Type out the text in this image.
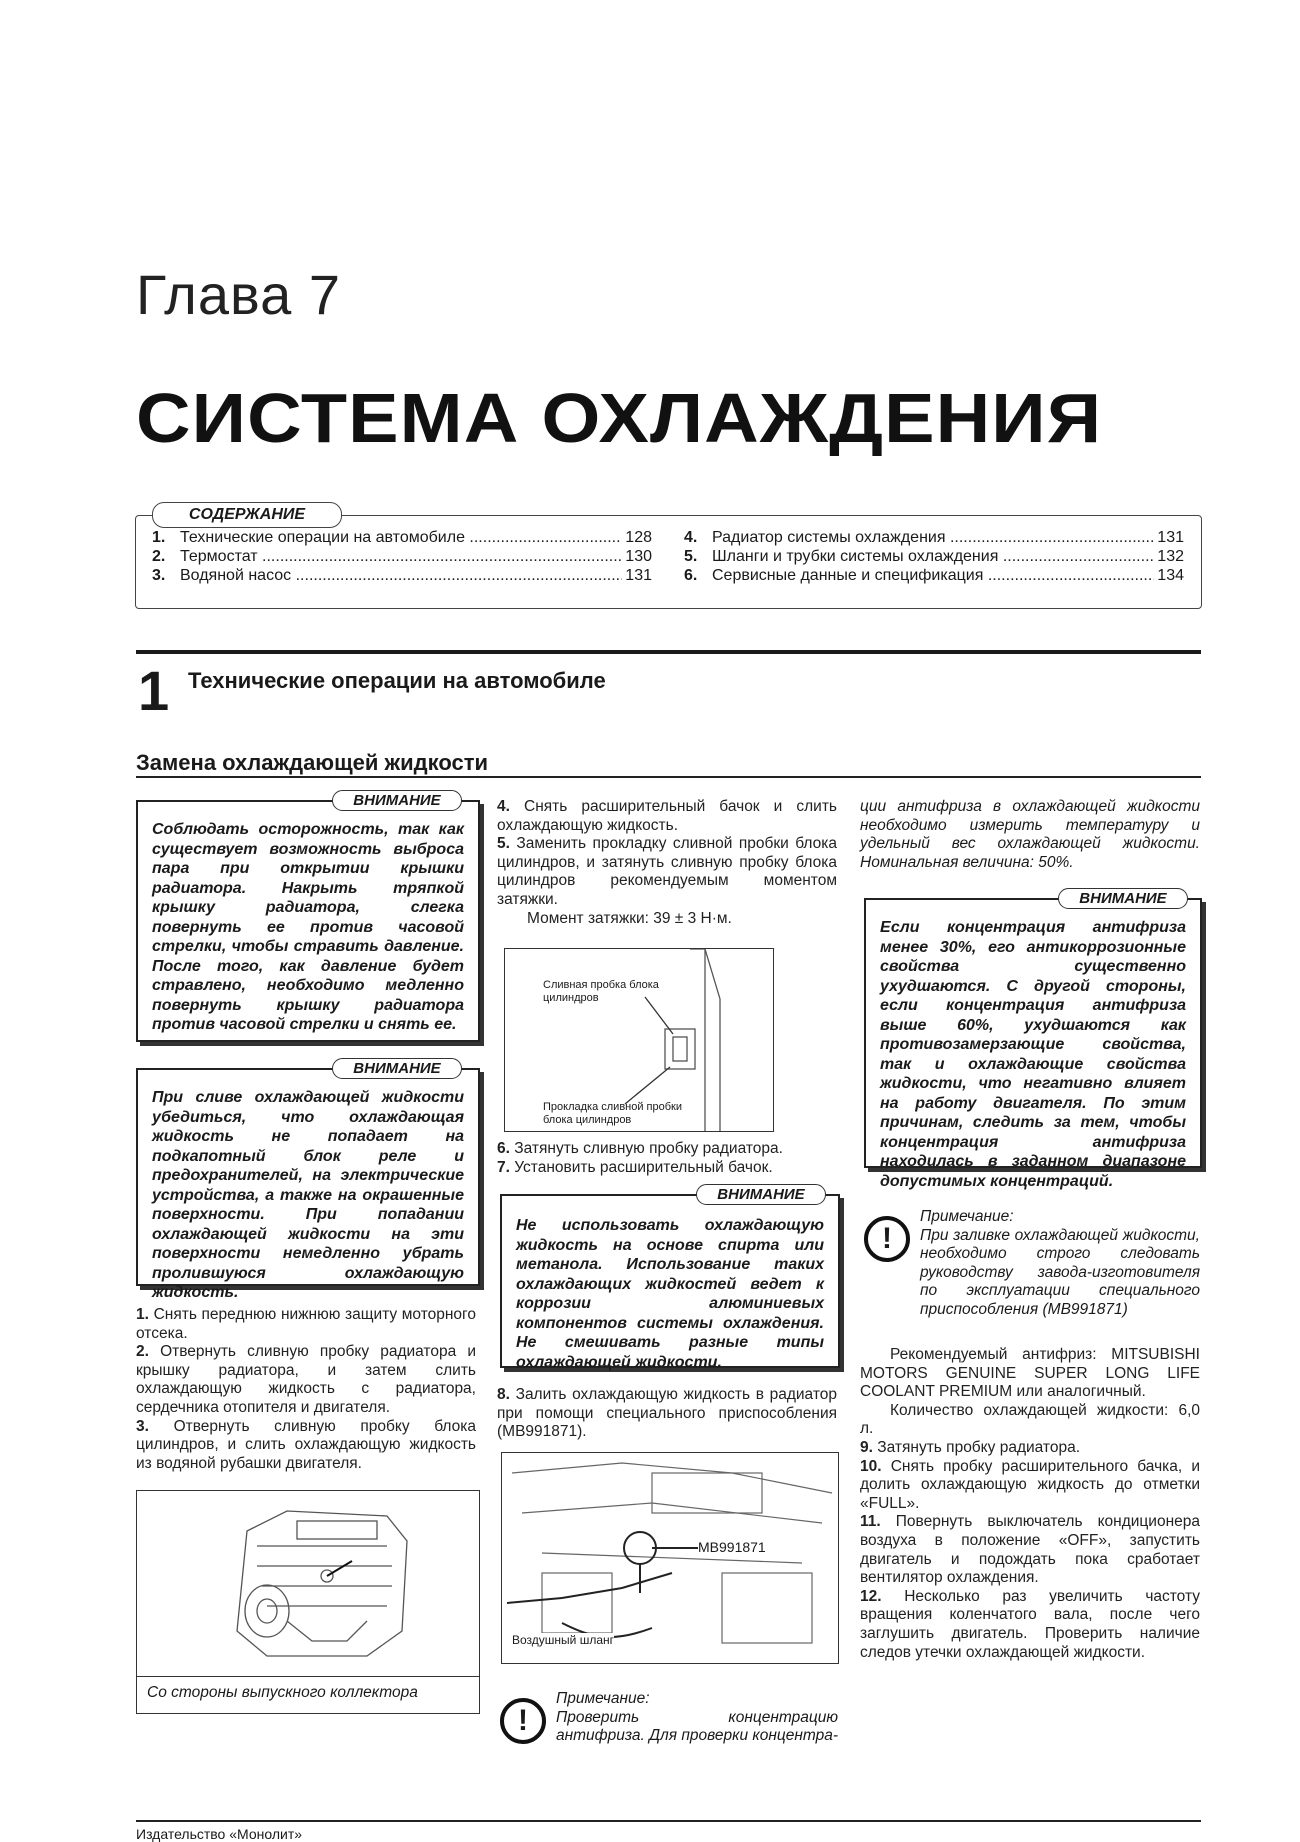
Глава 7
СИСТЕМА ОХЛАЖДЕНИЯ
СОДЕРЖАНИЕ
1. Технические операции на автомобиле .....	128
2. Термостат .....	130
3. Водяной насос .....	131
4. Радиатор системы охлаждения .....	131
5. Шланги и трубки системы охлаждения .....	132
6. Сервисные данные и спецификация .....	134
1 Технические операции на автомобиле
Замена охлаждающей жидкости
Соблюдать осторожность, так как существует возможность выброса пара при открытии крышки радиатора. Накрыть тряпкой крышку радиатора, слегка повернуть ее против часовой стрелки, чтобы стравить давление. После того, как давление будет стравлено, необходимо медленно повернуть крышку радиатора против часовой стрелки и снять ее.
ВНИМАНИЕ
При сливе охлаждающей жидкости убедиться, что охлаждающая жидкость не попадает на подкапотный блок реле и предохранителей, на электрические устройства, а также на окрашенные поверхности. При попадании охлаждающей жидкости на эти поверхности немедленно убрать пролившуюся охлаждающую жидкость.
ВНИМАНИЕ
1. Снять переднюю нижнюю защиту моторного отсека.
2. Отвернуть сливную пробку радиатора и крышку радиатора, и затем слить охлаждающую жидкость с радиатора, сердечника отопителя и двигателя.
3. Отвернуть сливную пробку блока цилиндров, и слить охлаждающую жидкость из водяной рубашки двигателя.
Со стороны выпускного коллектора
4. Снять расширительный бачок и слить охлаждающую жидкость.
5. Заменить прокладку сливной пробки блока цилиндров, и затянуть сливную пробку блока цилиндров рекомендуемым моментом затяжки.
Момент затяжки: 39 ± 3 Н·м.
Сливная пробка блока цилиндров
Прокладка сливной пробки блока цилиндров
6. Затянуть сливную пробку радиатора.
7. Установить расширительный бачок.
Не использовать охлаждающую жидкость на основе спирта или метанола. Использование таких охлаждающих жидкостей ведет к коррозии алюминиевых компонентов системы охлаждения. Не смешивать разные типы охлаждающей жидкости.
ВНИМАНИЕ
8. Залить охлаждающую жидкость в радиатор при помощи специального приспособления (MB991871).
MB991871
Воздушный шланг
!
Примечание:
Проверить концентрацию антифриза. Для проверки концентра-
ции антифриза в охлаждающей жидкости необходимо измерить температуру и удельный вес охлаждающей жидкости. Номинальная величина: 50%.
Если концентрация антифриза менее 30%, его антикоррозионные свойства существенно ухудшаются. С другой стороны, если концентрация антифриза выше 60%, ухудшаются как противозамерзающие свойства, так и охлаждающие свойства жидкости, что негативно влияет на работу двигателя. По этим причинам, следить за тем, чтобы концентрация антифриза находилась в заданном диапазоне допустимых концентраций.
ВНИМАНИЕ
!
Примечание:
При заливке охлаждающей жидкости, необходимо строго следовать руководству завода-изготовителя по эксплуатации специального приспособления (MB991871)
Рекомендуемый антифриз: MITSUBISHI MOTORS GENUINE SUPER LONG LIFE COOLANT PREMIUM или аналогичный.
Количество охлаждающей жидкости: 6,0 л.
9. Затянуть пробку радиатора.
10. Снять пробку расширительного бачка, и долить охлаждающую жидкость до отметки «FULL».
11. Повернуть выключатель кондиционера воздуха в положение «OFF», запустить двигатель и подождать пока сработает вентилятор охлаждения.
12. Несколько раз увеличить частоту вращения коленчатого вала, после чего заглушить двигатель. Проверить наличие следов утечки охлаждающей жидкости.
Издательство «Монолит»
